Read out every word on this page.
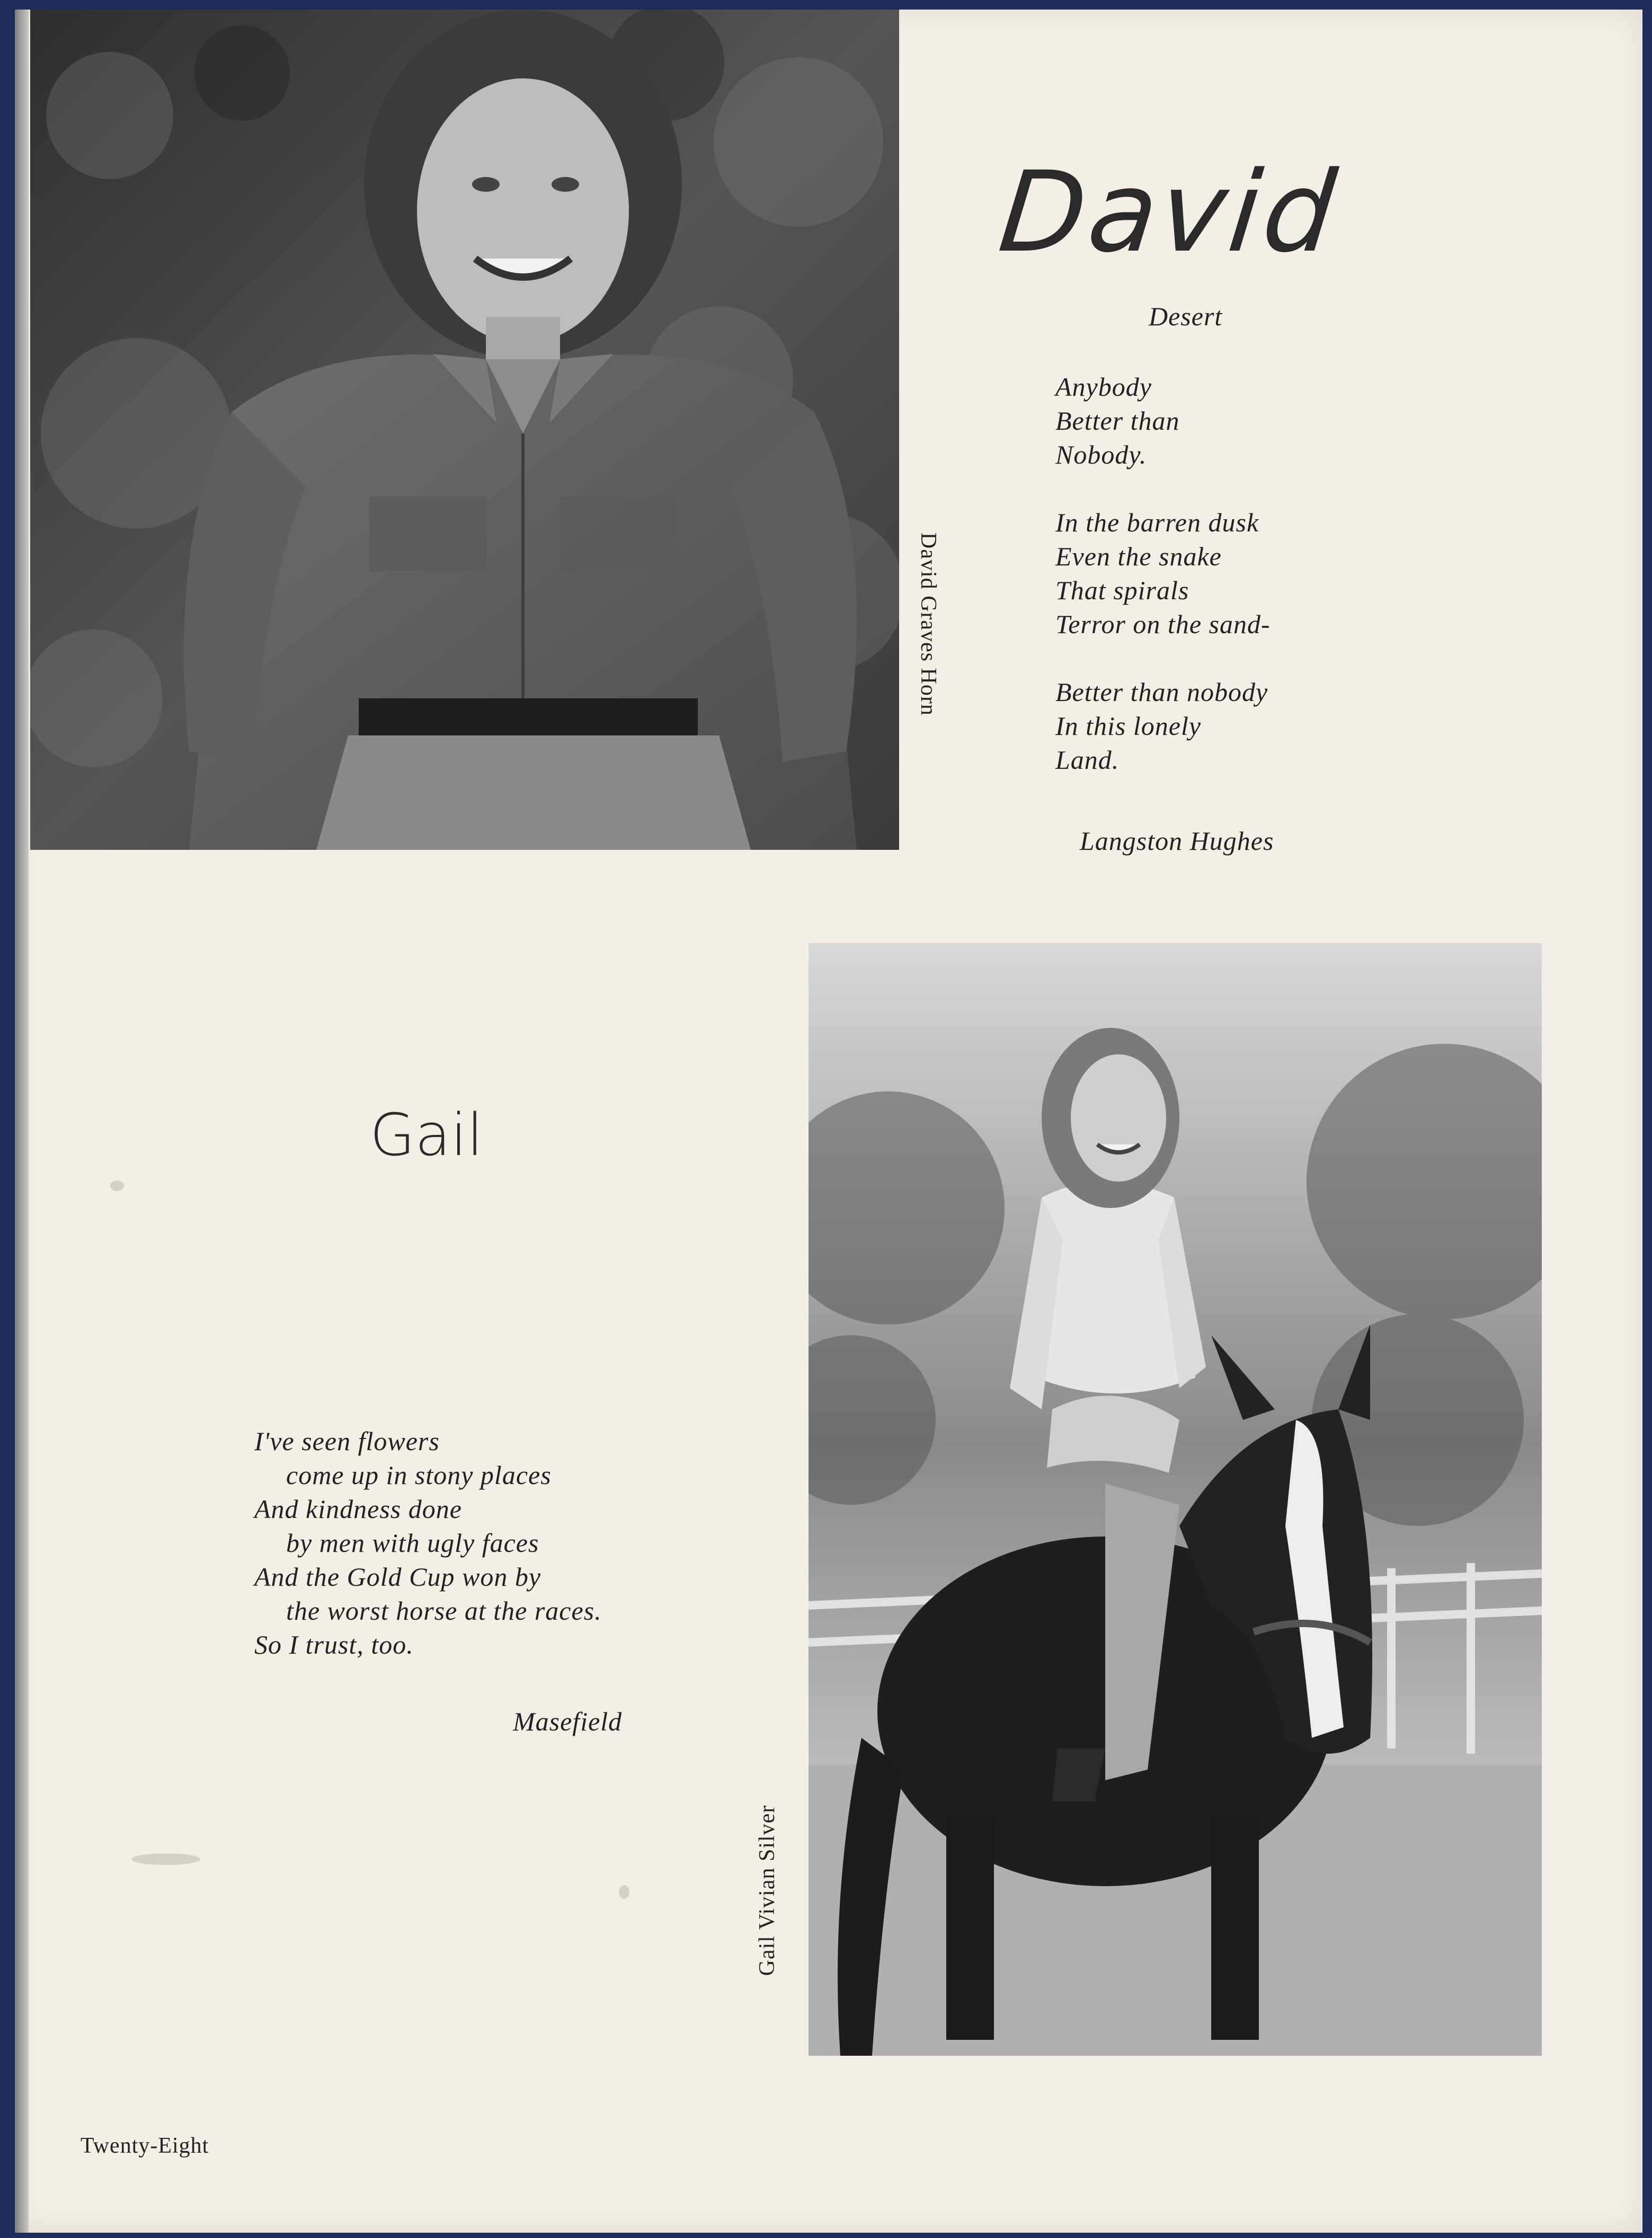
David Graves Horn
David
Desert
Anybody
Better than
Nobody.
In the barren dusk
Even the snake
That spirals
Terror on the sand-
Better than nobody
In this lonely
Land.
Langston Hughes
Gail
I've seen flowers
come up in stony places
And kindness done
by men with ugly faces
And the Gold Cup won by
the worst horse at the races.
So I trust, too.
Masefield
Gail Vivian Silver
Twenty-Eight
